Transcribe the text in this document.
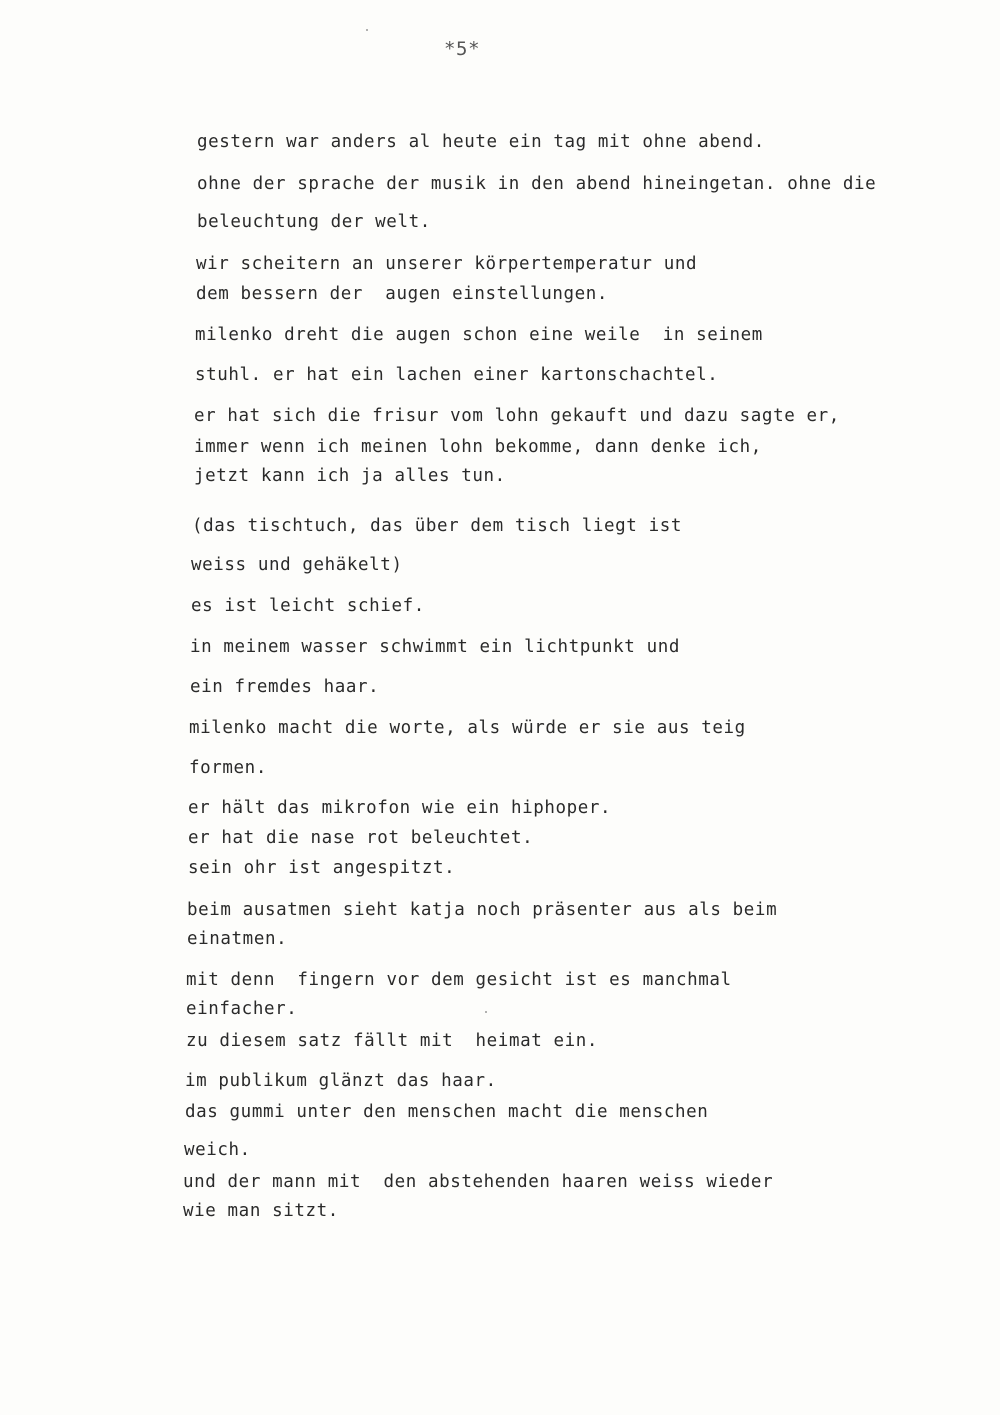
*5*

gestern war anders al heute ein tag mit ohne abend.

ohne der sprache der musik in den abend hineingetan. ohne die

beleuchtung der welt.

wir scheitern an unserer körpertemperatur und

dem bessern der  augen einstellungen.

milenko dreht die augen schon eine weile  in seinem

stuhl. er hat ein lachen einer kartonschachtel.

er hat sich die frisur vom lohn gekauft und dazu sagte er,

immer wenn ich meinen lohn bekomme, dann denke ich,

jetzt kann ich ja alles tun.

(das tischtuch, das über dem tisch liegt ist

weiss und gehäkelt)

es ist leicht schief.

in meinem wasser schwimmt ein lichtpunkt und

ein fremdes haar.

milenko macht die worte, als würde er sie aus teig

formen.

er hält das mikrofon wie ein hiphoper.

er hat die nase rot beleuchtet.

sein ohr ist angespitzt.

beim ausatmen sieht katja noch präsenter aus als beim

einatmen.

mit denn  fingern vor dem gesicht ist es manchmal

einfacher.

zu diesem satz fällt mit  heimat ein.

im publikum glänzt das haar.

das gummi unter den menschen macht die menschen

weich.

und der mann mit  den abstehenden haaren weiss wieder

wie man sitzt.
